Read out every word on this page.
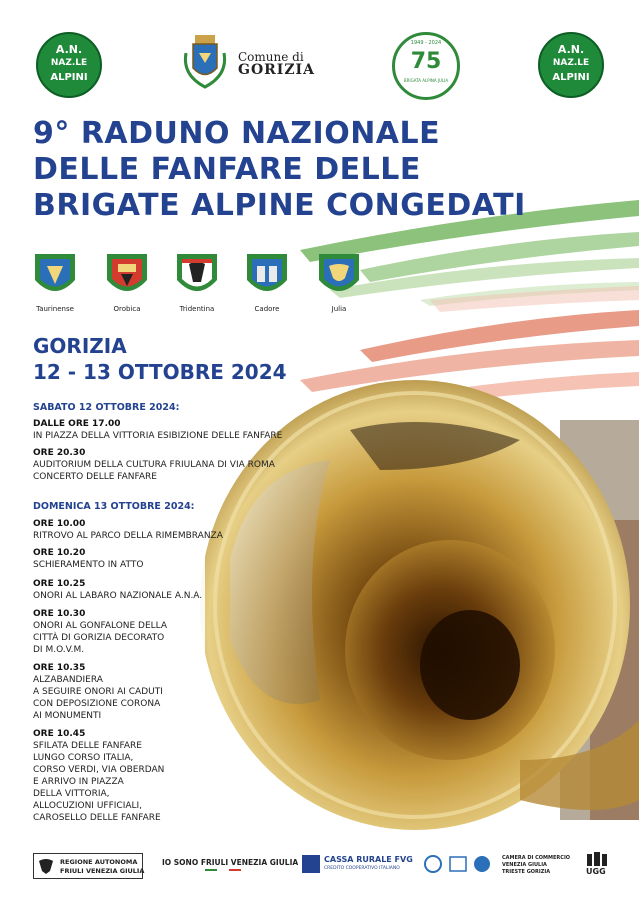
A.N.
NAZ.LE
ALPINI
Comune di
GORIZIA
1949 - 2024
75
BRIGATA ALPINA JULIA
A.N.
NAZ.LE
ALPINI
9° RADUNO NAZIONALE
DELLE FANFARE DELLE
BRIGATE ALPINE CONGEDATI
Taurinense	Orobica	Tridentina	Cadore	Julia
GORIZIA
12 - 13 OTTOBRE 2024
SABATO 12 OTTOBRE 2024:
DALLE ORE 17.00
IN PIAZZA DELLA VITTORIA ESIBIZIONE DELLE FANFARE
ORE 20.30
AUDITORIUM DELLA CULTURA FRIULANA DI VIA ROMA
CONCERTO DELLE FANFARE
DOMENICA 13 OTTOBRE 2024:
ORE 10.00
RITROVO AL PARCO DELLA RIMEMBRANZA
ORE 10.20
SCHIERAMENTO IN ATTO
ORE 10.25
ONORI AL LABARO NAZIONALE A.N.A.
ORE 10.30
ONORI AL GONFALONE DELLA
CITTÀ DI GORIZIA DECORATO
DI M.O.V.M.
ORE 10.35
ALZABANDIERA
A SEGUIRE ONORI AI CADUTI
CON DEPOSIZIONE CORONA
AI MONUMENTI
ORE 10.45
SFILATA DELLE FANFARE
LUNGO CORSO ITALIA,
CORSO VERDI, VIA OBERDAN
E ARRIVO IN PIAZZA
DELLA VITTORIA,
ALLOCUZIONI UFFICIALI,
CAROSELLO DELLE FANFARE
REGIONE AUTONOMA
FRIULI VENEZIA GIULIA
IO SONO FRIULI VENEZIA GIULIA	CASSA RURALE FVG
CREDITO COOPERATIVO ITALIANO
CAMERA DI COMMERCIO
VENEZIA GIULIA
TRIESTE GORIZIA	UGG
